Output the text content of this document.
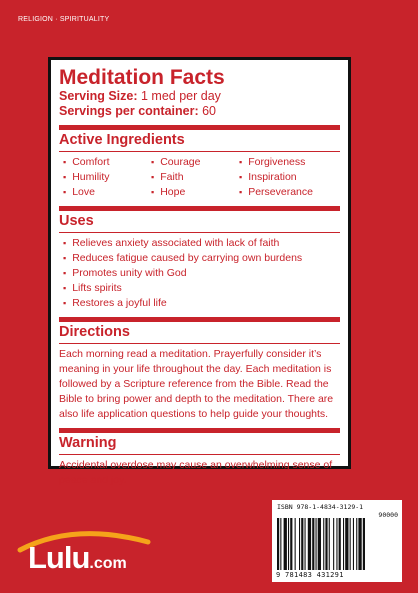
RELIGION · SPIRITUALITY
Meditation Facts
Serving Size: 1 med per day
Servings per container: 60
Active Ingredients
▪ Comfort	▪ Courage	▪ Forgiveness
▪ Humility	▪ Faith	▪ Inspiration
▪ Love	▪ Hope	▪ Perseverance
Uses
▪ Relieves anxiety associated with lack of faith
▪ Reduces fatigue caused by carrying own burdens
▪ Promotes unity with God
▪ Lifts spirits
▪ Restores a joyful life
Directions

Each morning read a meditation. Prayerfully consider it’s meaning in your life throughout the day. Each meditation is followed by a Scripture reference from the Bible. Read the Bible to bring power and depth to the meditation. There are also life application questions to help guide your thoughts.

Warning

Accidental overdose may cause an overwhelming sense of peace and joy.

Lulu.com
ISBN 978-1-4834-3129-1
90000
9 781483 431291
